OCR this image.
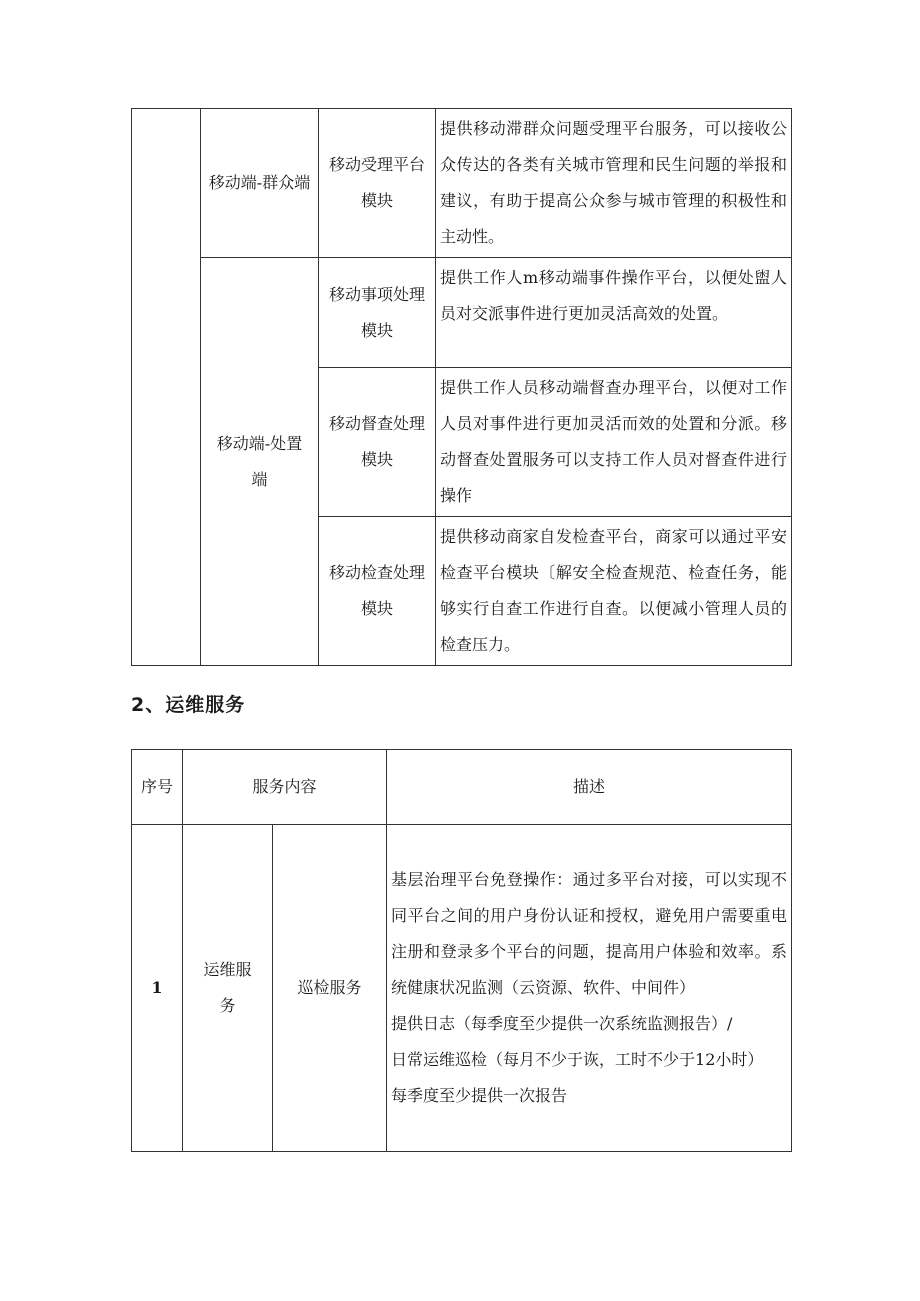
	移动端-群众端	移动受理平台模块	提供移动滞群众问题受理平台服务，可以接收公众传达的各类有关城市管理和民生问题的举报和建议，有助于提高公众参与城市管理的积极性和主动性。
	移动端-处置端	移动事项处理模块	提供工作人m移动端事件操作平台，以便处盥人员对交派事件进行更加灵活高效的处置。
		移动督查处理模块	提供工作人员移动端督查办理平台，以便对工作人员对事件进行更加灵活而效的处置和分派。移动督查处置服务可以支持工作人员对督查件进行操作
		移动检查处理模块	提供移动商家自发检查平台，商家可以通过平安检查平台模块〔解安全检查规范、检查任务，能够实行自查工作进行自查。以便减小管理人员的检查压力。
2、运维服务
序号	服务内容		描述
1	运维服务	巡检服务	基层治理平台免登操作：通过多平台对接，可以实现不同平台之间的用户身份认证和授权，避免用户需要重电注册和登录多个平台的问题，提高用户体验和效率。系统健康状况监测（云资源、软件、中间件）
提供日志（每季度至少提供一次系统监测报告）/
日常运维巡检（每月不少于诙，工时不少于12小时）
每季度至少提供一次报告
